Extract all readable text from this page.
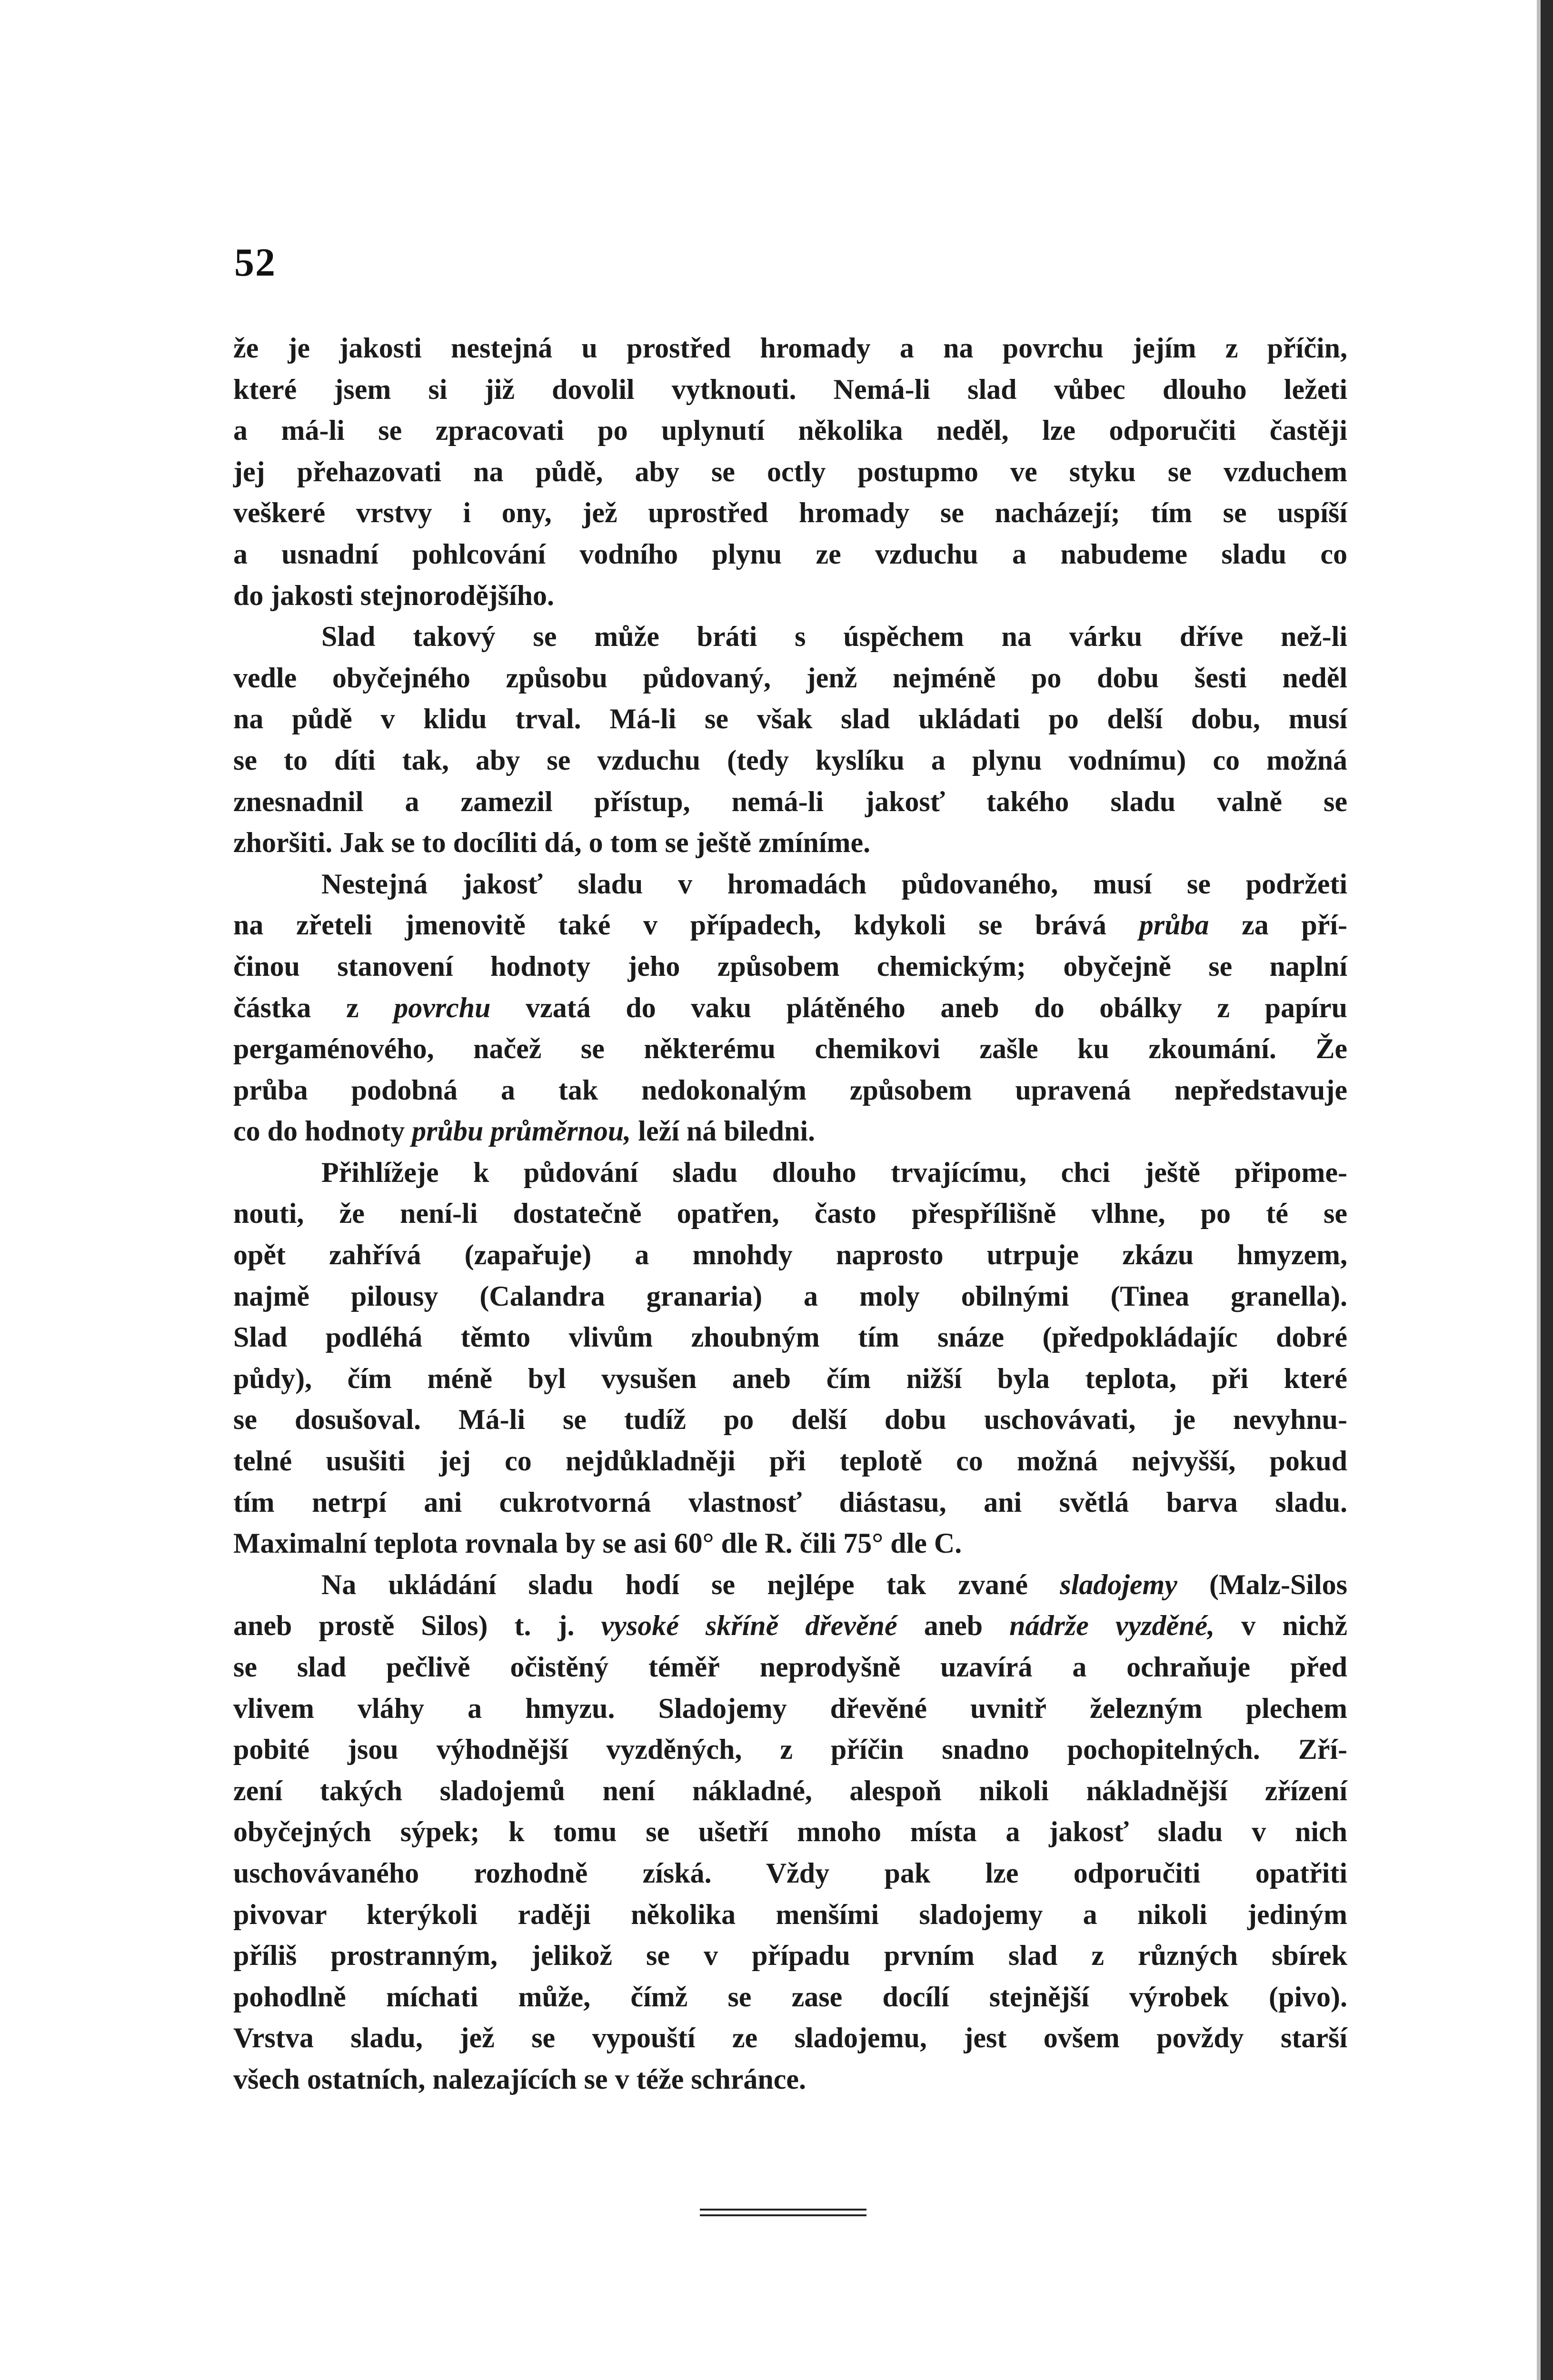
52
že je jakosti nestejná u prostřed hromady a na povrchu jejím z příčin,
které jsem si již dovolil vytknouti. Nemá-li slad vůbec dlouho ležeti
a má-li se zpracovati po uplynutí několika neděl, lze odporučiti častěji
jej přehazovati na půdě, aby se octly postupmo ve styku se vzduchem
veškeré vrstvy i ony, jež uprostřed hromady se nacházejí; tím se uspíší
a usnadní pohlcování vodního plynu ze vzduchu a nabudeme sladu co
do jakosti stejnorodějšího.
Slad takový se může bráti s úspěchem na várku dříve než-li
vedle obyčejného způsobu půdovaný, jenž nejméně po dobu šesti neděl
na půdě v klidu trval. Má-li se však slad ukládati po delší dobu, musí
se to díti tak, aby se vzduchu (tedy kyslíku a plynu vodnímu) co možná
znesnadnil a zamezil přístup, nemá-li jakosť takého sladu valně se
zhoršiti. Jak se to docíliti dá, o tom se ještě zmíníme.
Nestejná jakosť sladu v hromadách půdovaného, musí se podržeti
na zřeteli jmenovitě také v případech, kdykoli se brává průba za pří-
činou stanovení hodnoty jeho způsobem chemickým; obyčejně se naplní
částka z povrchu vzatá do vaku plátěného aneb do obálky z papíru
pergaménového, načež se některému chemikovi zašle ku zkoumání. Že
průba podobná a tak nedokonalým způsobem upravená nepředstavuje
co do hodnoty průbu průměrnou, leží ná biledni.
Přihlížeje k půdování sladu dlouho trvajícímu, chci ještě připome-
nouti, že není-li dostatečně opatřen, často přespřílišně vlhne, po té se
opět zahřívá (zapařuje) a mnohdy naprosto utrpuje zkázu hmyzem,
najmě pilousy (Calandra granaria) a moly obilnými (Tinea granella).
Slad podléhá těmto vlivům zhoubným tím snáze (předpokládajíc dobré
půdy), čím méně byl vysušen aneb čím nižší byla teplota, při které
se dosušoval. Má-li se tudíž po delší dobu uschovávati, je nevyhnu-
telné usušiti jej co nejdůkladněji při teplotě co možná nejvyšší, pokud
tím netrpí ani cukrotvorná vlastnosť diástasu, ani světlá barva sladu.
Maximalní teplota rovnala by se asi 60° dle R. čili 75° dle C.
Na ukládání sladu hodí se nejlépe tak zvané sladojemy (Malz-Silos
aneb prostě Silos) t. j. vysoké skříně dřevěné aneb nádrže vyzděné, v nichž
se slad pečlivě očistěný téměř neprodyšně uzavírá a ochraňuje před
vlivem vláhy a hmyzu. Sladojemy dřevěné uvnitř železným plechem
pobité jsou výhodnější vyzděných, z příčin snadno pochopitelných. Zří-
zení takých sladojemů není nákladné, alespoň nikoli nákladnější zřízení
obyčejných sýpek; k tomu se ušetří mnoho místa a jakosť sladu v nich
uschovávaného rozhodně získá. Vždy pak lze odporučiti opatřiti
pivovar kterýkoli raději několika menšími sladojemy a nikoli jediným
příliš prostranným, jelikož se v případu prvním slad z různých sbírek
pohodlně míchati může, čímž se zase docílí stejnější výrobek (pivo).
Vrstva sladu, jež se vypouští ze sladojemu, jest ovšem povždy starší
všech ostatních, nalezajících se v téže schránce.
